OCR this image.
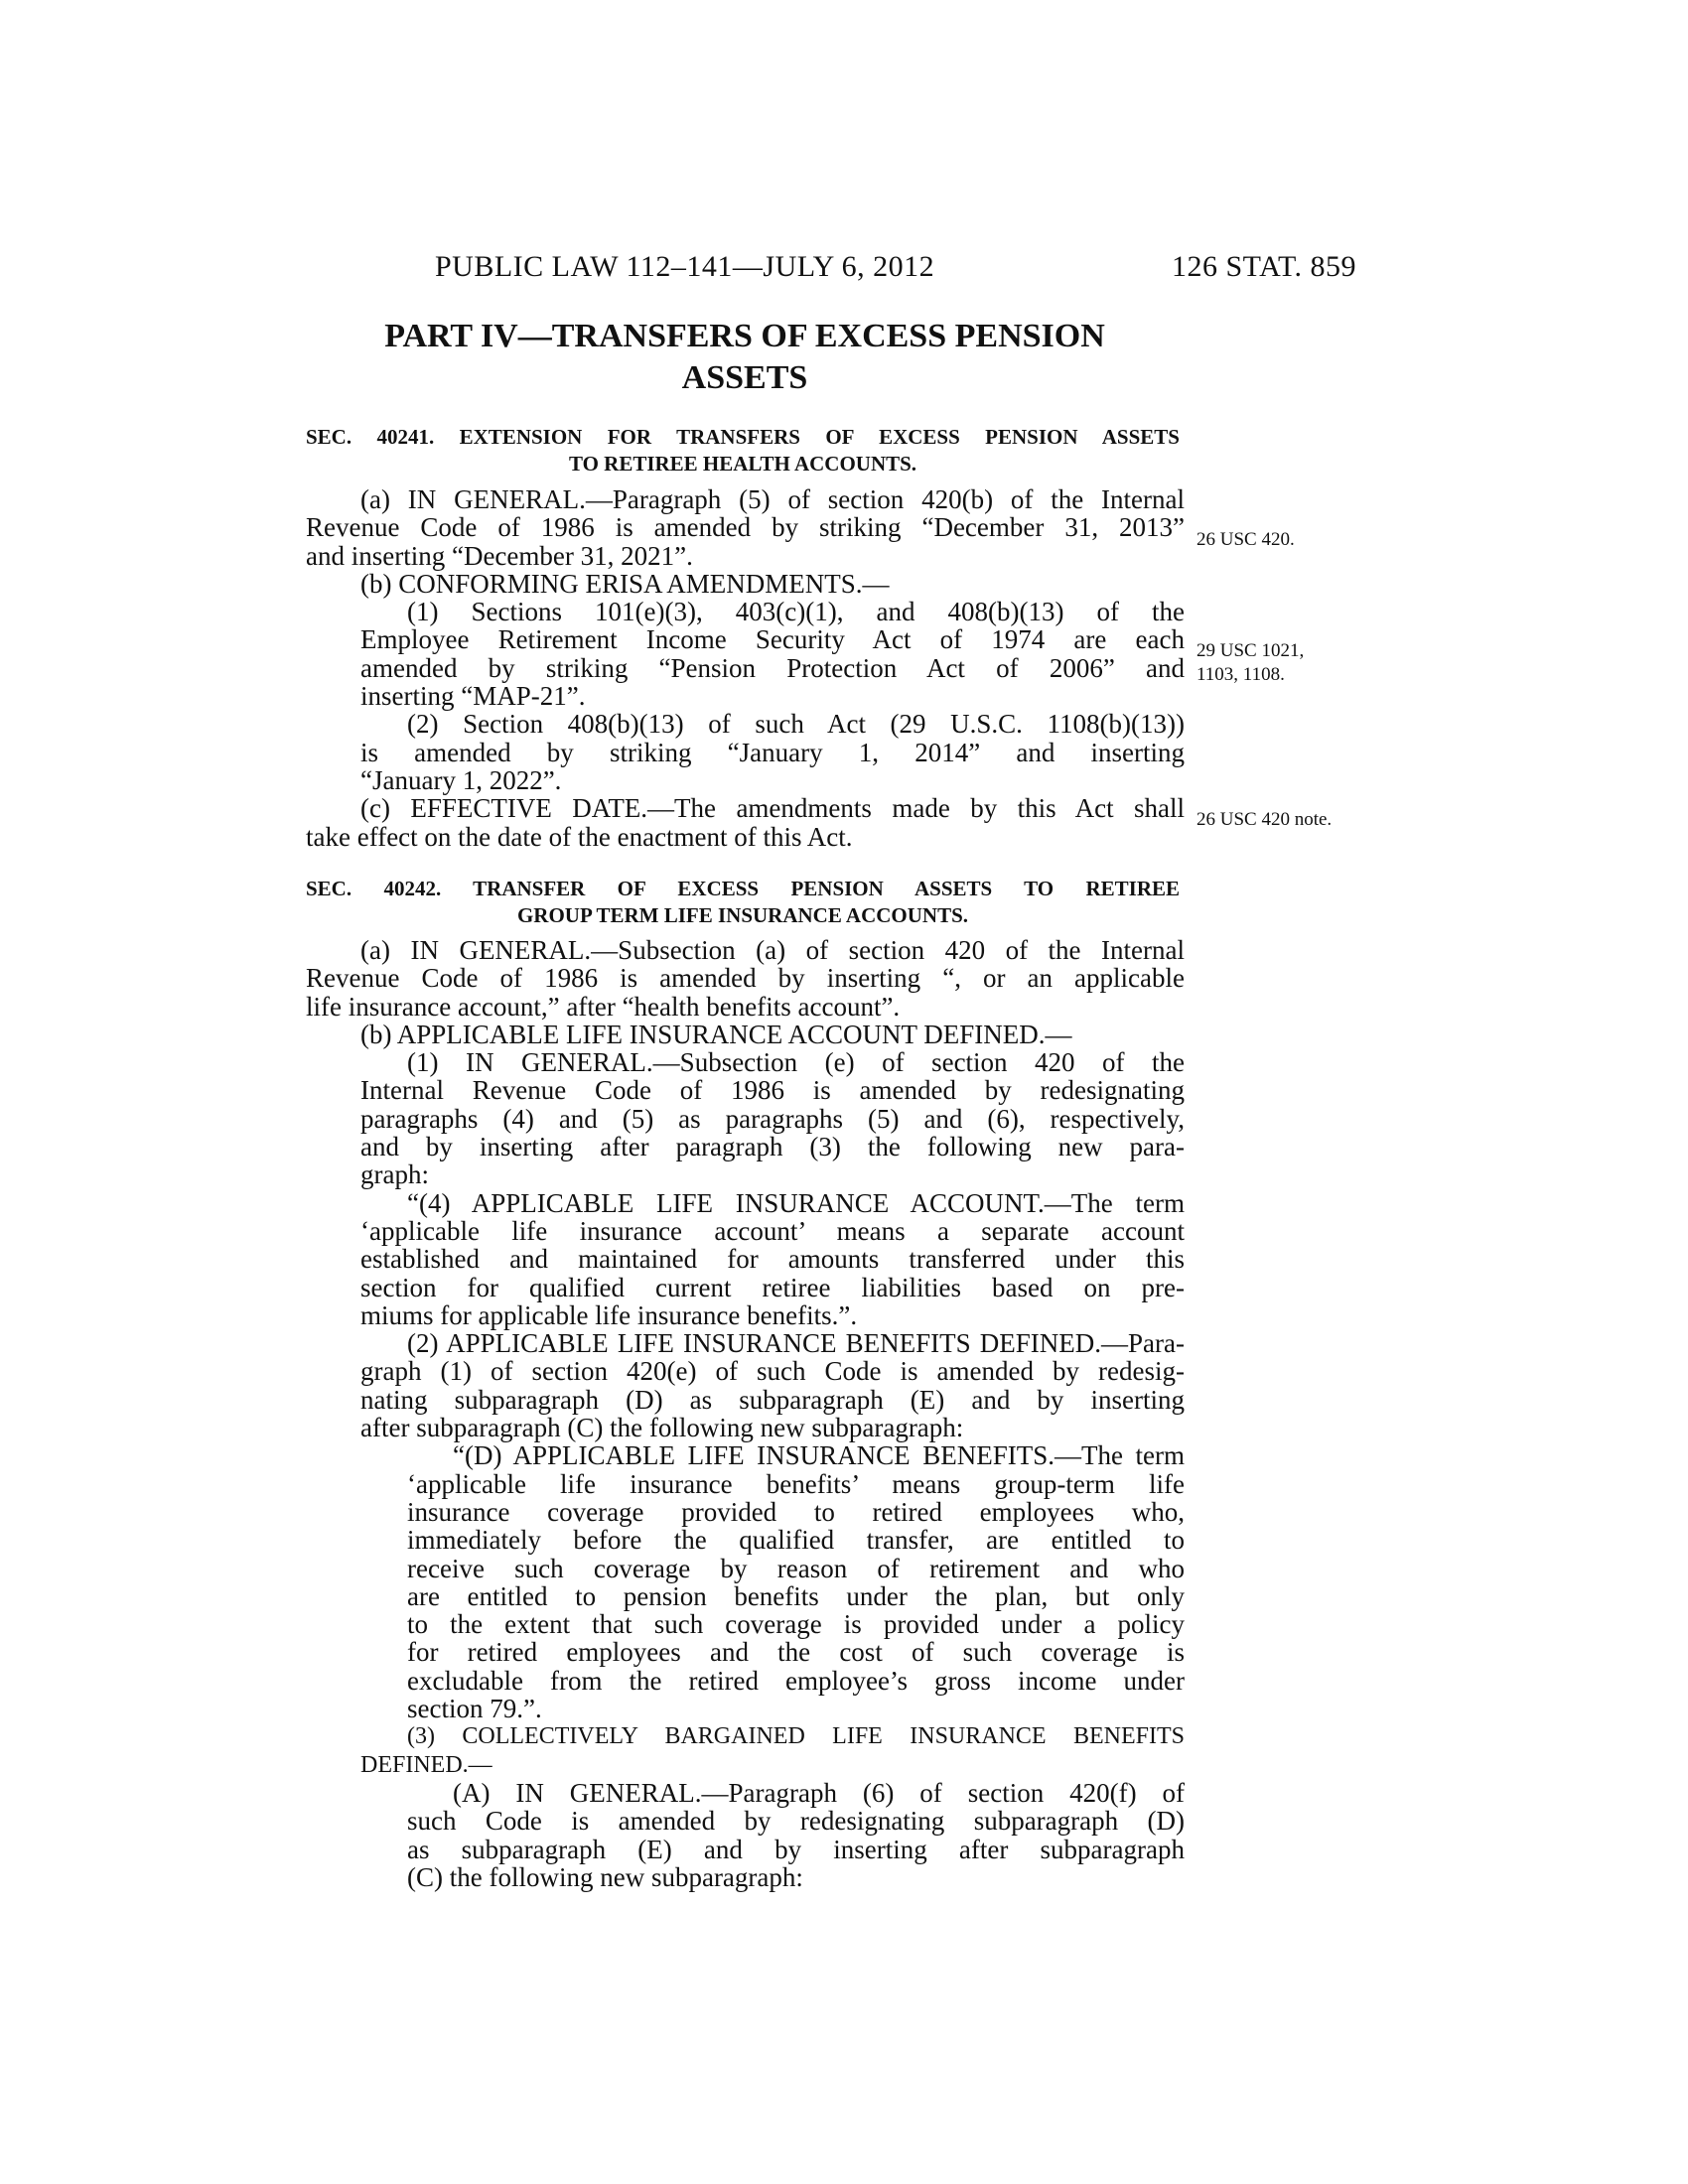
PUBLIC LAW 112–141—JULY 6, 2012	126 STAT. 859
PART IV—TRANSFERS OF EXCESS PENSION
ASSETS
SEC. 40241. EXTENSION FOR TRANSFERS OF EXCESS PENSION ASSETS
TO RETIREE HEALTH ACCOUNTS.
(a) IN GENERAL.—Paragraph (5) of section 420(b) of the Internal
Revenue Code of 1986 is amended by striking “December 31, 2013”
and inserting “December 31, 2021”.
(b) CONFORMING ERISA AMENDMENTS.—
(1) Sections 101(e)(3), 403(c)(1), and 408(b)(13) of the
Employee Retirement Income Security Act of 1974 are each
amended by striking “Pension Protection Act of 2006” and
inserting “MAP-21”.
(2) Section 408(b)(13) of such Act (29 U.S.C. 1108(b)(13))
is amended by striking “January 1, 2014” and inserting
“January 1, 2022”.
(c) EFFECTIVE DATE.—The amendments made by this Act shall
take effect on the date of the enactment of this Act.
26 USC 420.
29 USC 1021,
1103, 1108.
26 USC 420 note.
SEC. 40242. TRANSFER OF EXCESS PENSION ASSETS TO RETIREE
GROUP TERM LIFE INSURANCE ACCOUNTS.
(a) IN GENERAL.—Subsection (a) of section 420 of the Internal
Revenue Code of 1986 is amended by inserting “, or an applicable
life insurance account,” after “health benefits account”.
(b) APPLICABLE LIFE INSURANCE ACCOUNT DEFINED.—
(1) IN GENERAL.—Subsection (e) of section 420 of the
Internal Revenue Code of 1986 is amended by redesignating
paragraphs (4) and (5) as paragraphs (5) and (6), respectively,
and by inserting after paragraph (3) the following new para-
graph:
“(4) APPLICABLE LIFE INSURANCE ACCOUNT.—The term
‘applicable life insurance account’ means a separate account
established and maintained for amounts transferred under this
section for qualified current retiree liabilities based on pre-
miums for applicable life insurance benefits.”.
(2) APPLICABLE LIFE INSURANCE BENEFITS DEFINED.—Para-
graph (1) of section 420(e) of such Code is amended by redesig-
nating subparagraph (D) as subparagraph (E) and by inserting
after subparagraph (C) the following new subparagraph:
“(D) APPLICABLE LIFE INSURANCE BENEFITS.—The term
‘applicable life insurance benefits’ means group-term life
insurance coverage provided to retired employees who,
immediately before the qualified transfer, are entitled to
receive such coverage by reason of retirement and who
are entitled to pension benefits under the plan, but only
to the extent that such coverage is provided under a policy
for retired employees and the cost of such coverage is
excludable from the retired employee’s gross income under
section 79.”.
(3) COLLECTIVELY BARGAINED LIFE INSURANCE BENEFITS
DEFINED.—
(A) IN GENERAL.—Paragraph (6) of section 420(f) of
such Code is amended by redesignating subparagraph (D)
as subparagraph (E) and by inserting after subparagraph
(C) the following new subparagraph:
